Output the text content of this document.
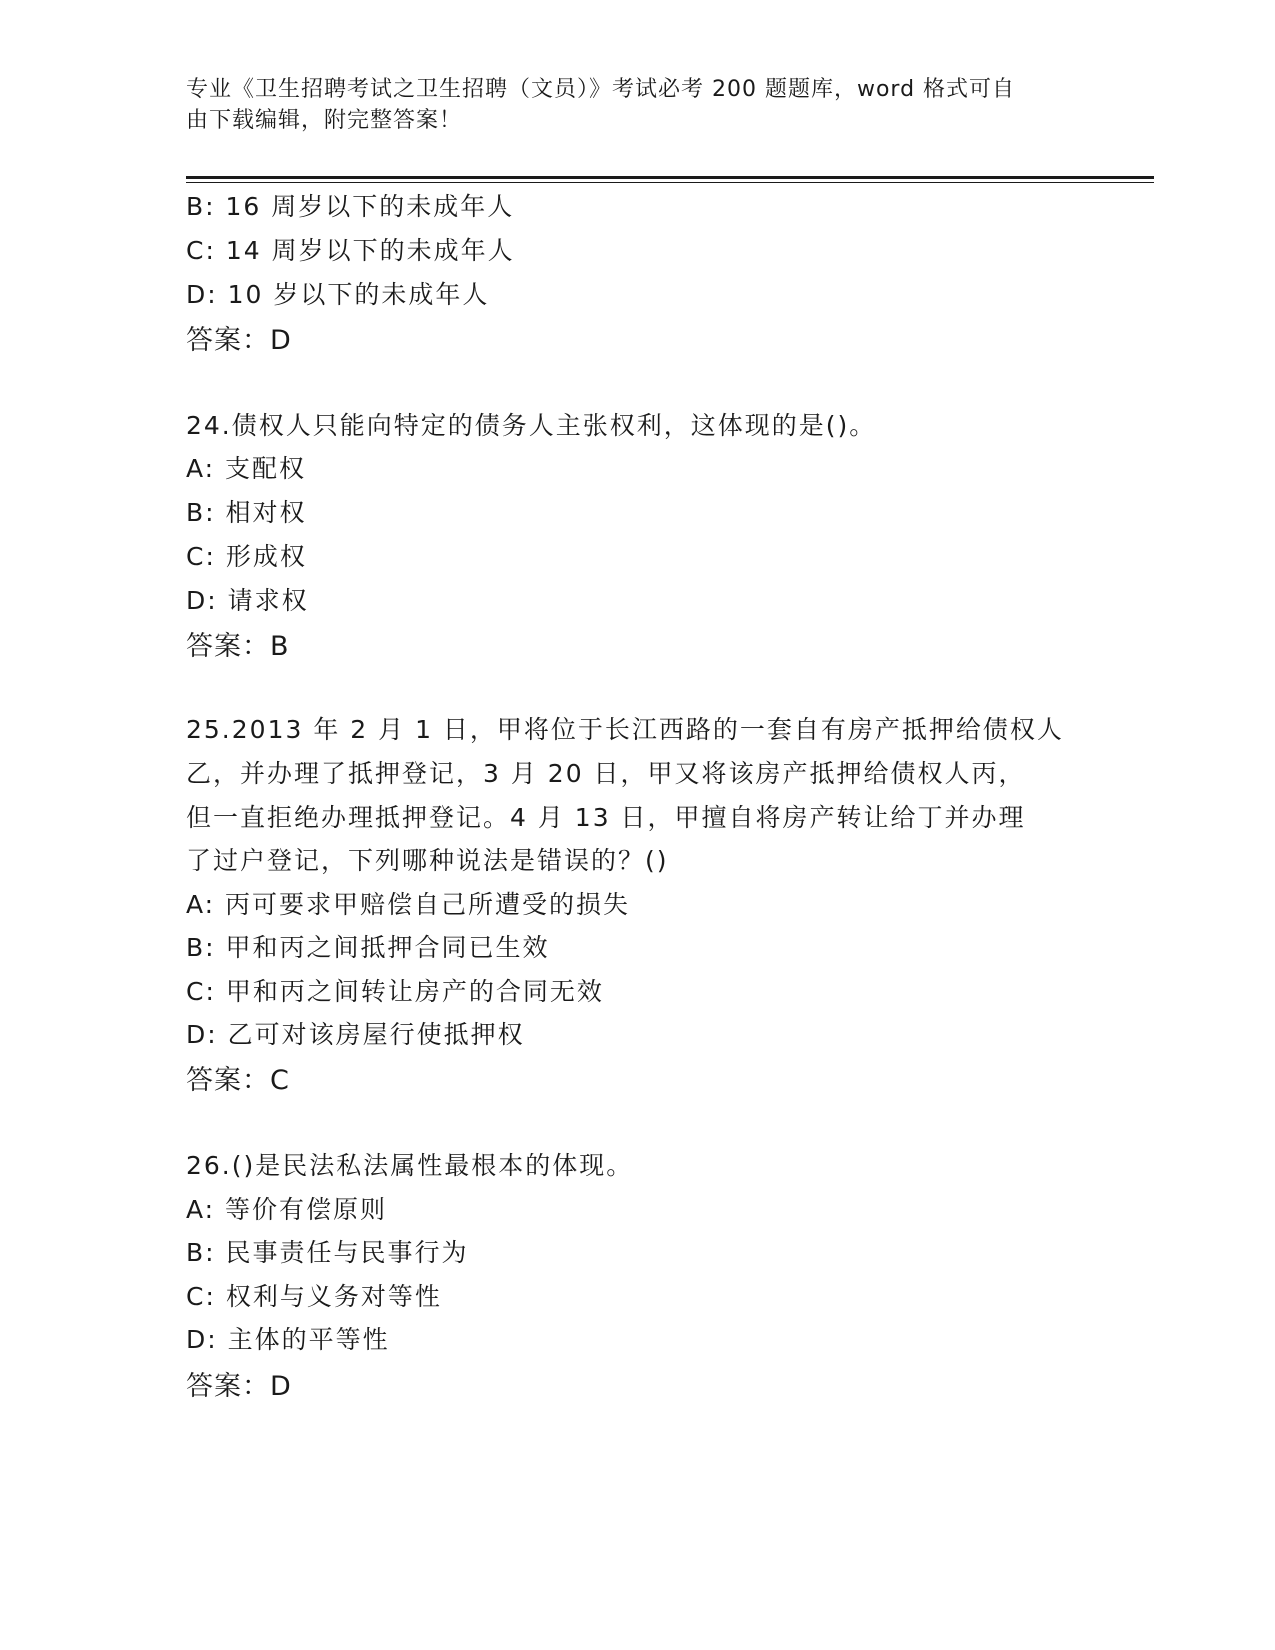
专业《卫生招聘考试之卫生招聘（文员）》考试必考 200 题题库，word 格式可自
由下载编辑，附完整答案！
B: 16 周岁以下的未成年人
C: 14 周岁以下的未成年人
D: 10 岁以下的未成年人
答案：D
24.债权人只能向特定的债务人主张权利，这体现的是()。
A: 支配权
B: 相对权
C: 形成权
D: 请求权
答案：B
25.2013 年 2 月 1 日，甲将位于长江西路的一套自有房产抵押给债权人
乙，并办理了抵押登记，3 月 20 日，甲又将该房产抵押给债权人丙，
但一直拒绝办理抵押登记。4 月 13 日，甲擅自将房产转让给丁并办理
了过户登记，下列哪种说法是错误的？()
A: 丙可要求甲赔偿自己所遭受的损失
B: 甲和丙之间抵押合同已生效
C: 甲和丙之间转让房产的合同无效
D: 乙可对该房屋行使抵押权
答案：C
26.()是民法私法属性最根本的体现。
A: 等价有偿原则
B: 民事责任与民事行为
C: 权利与义务对等性
D: 主体的平等性
答案：D
